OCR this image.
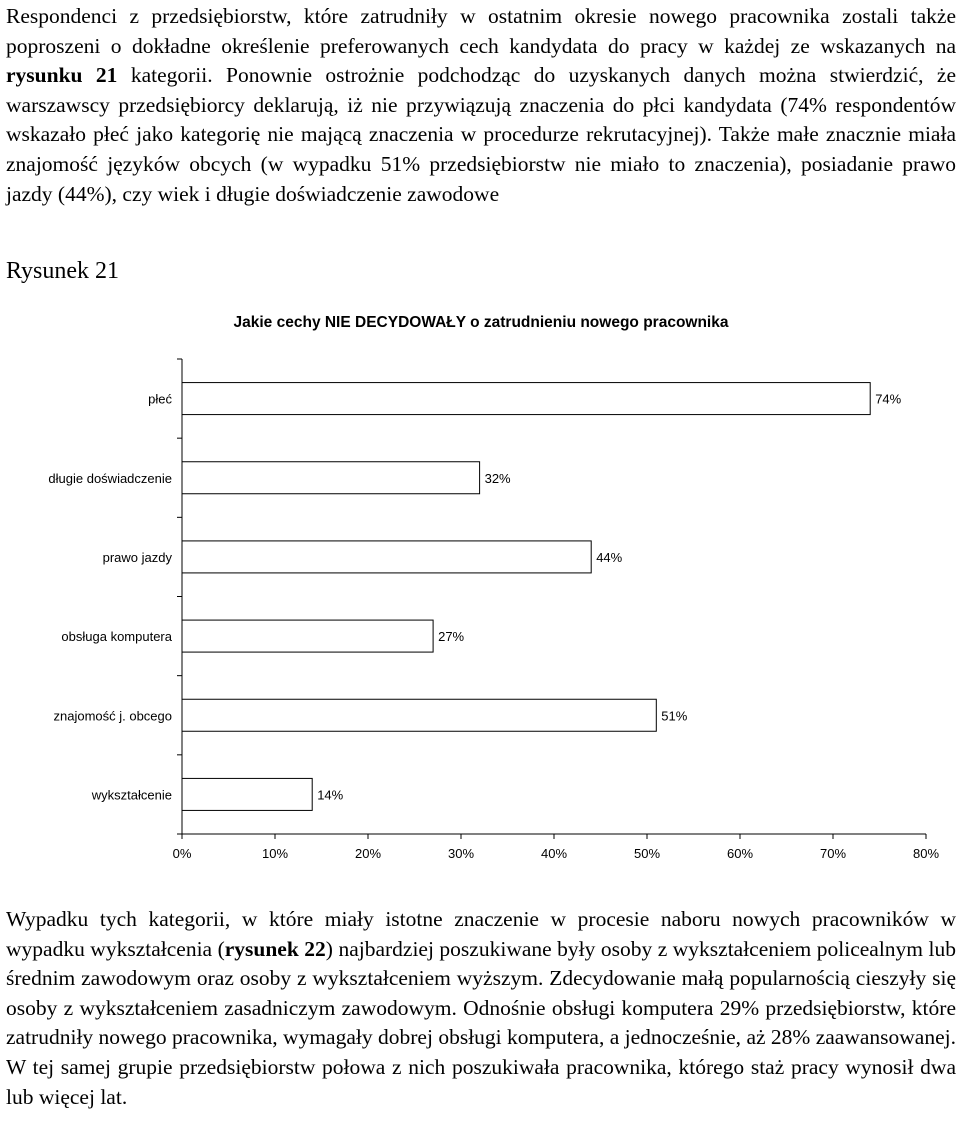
Respondenci z przedsiębiorstw, które zatrudniły w ostatnim okresie nowego pracownika zostali także poproszeni o dokładne określenie preferowanych cech kandydata do pracy w każdej ze wskazanych na rysunku 21 kategorii. Ponownie ostrożnie podchodząc do uzyskanych danych można stwierdzić, że warszawscy przedsiębiorcy deklarują, iż nie przywiązują znaczenia do płci kandydata (74% respondentów wskazało płeć jako kategorię nie mającą znaczenia w procedurze rekrutacyjnej). Także małe znacznie miała znajomość języków obcych (w wypadku 51% przedsiębiorstw nie miało to znaczenia), posiadanie prawo jazdy (44%), czy wiek i długie doświadczenie zawodowe

Rysunek 21
Jakie cechy NIE DECYDOWAŁY o zatrudnieniu nowego pracownika
0%	10%	20%	30%	40%	50%	60%	70%	80%
płeć	74%
długie doświadczenie	32%
prawo jazdy	44%
obsługa komputera	27%
znajomość j. obcego	51%
wykształcenie	14%

Wypadku tych kategorii, w które miały istotne znaczenie w procesie naboru nowych pracowników w wypadku wykształcenia (rysunek 22) najbardziej poszukiwane były osoby z wykształceniem policealnym lub średnim zawodowym oraz osoby z wykształceniem wyższym. Zdecydowanie małą popularnością cieszyły się osoby z wykształceniem zasadniczym zawodowym. Odnośnie obsługi komputera 29% przedsiębiorstw, które zatrudniły nowego pracownika, wymagały dobrej obsługi komputera, a jednocześnie, aż 28% zaawansowanej. W tej samej grupie przedsiębiorstw połowa z nich poszukiwała pracownika, którego staż pracy wynosił dwa lub więcej lat.
